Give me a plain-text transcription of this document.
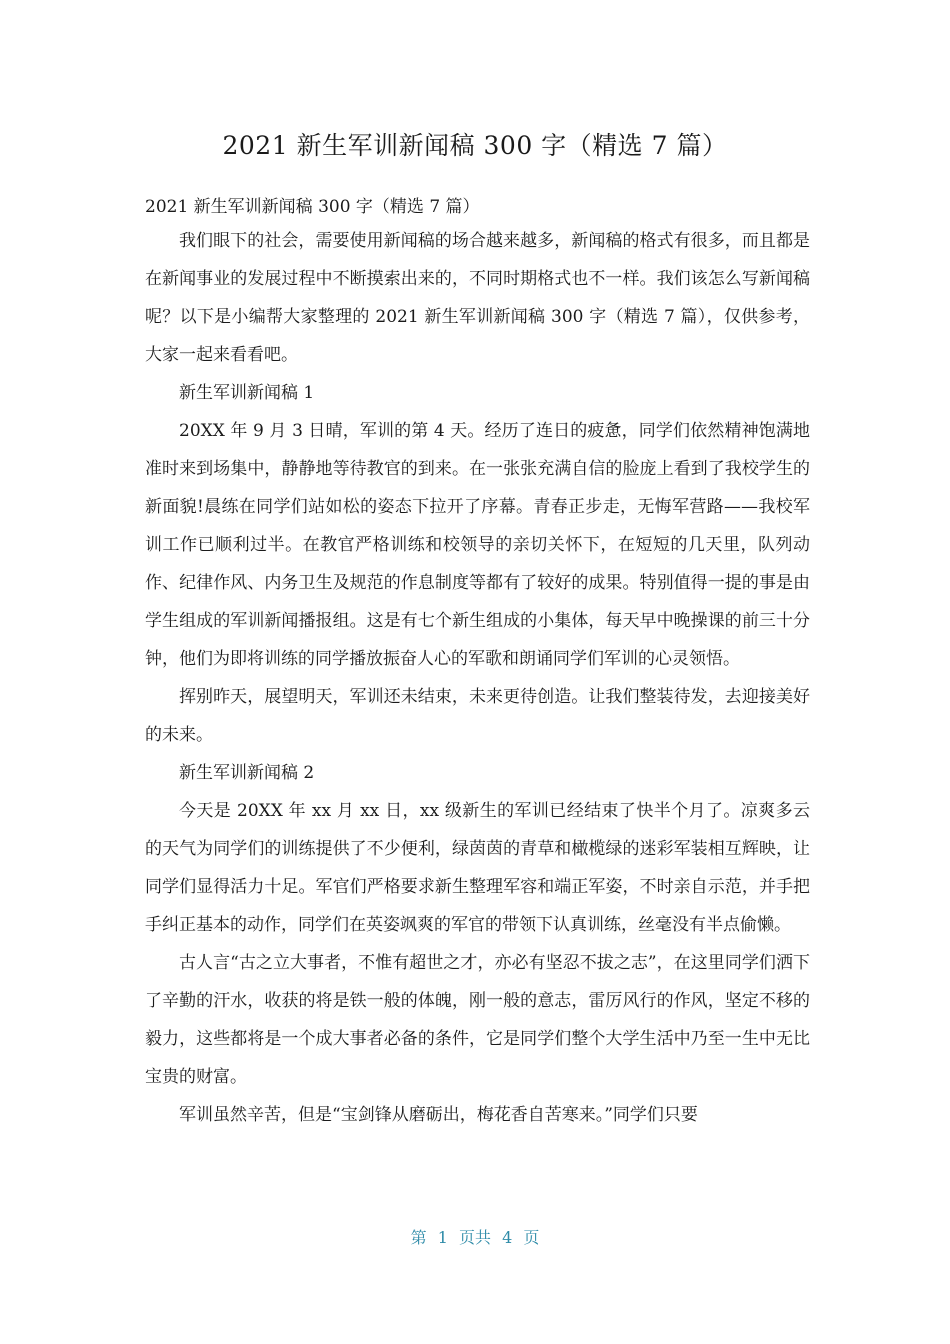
2021 新生军训新闻稿 300 字（精选 7 篇）

2021 新生军训新闻稿 300 字（精选 7 篇）

我们眼下的社会，需要使用新闻稿的场合越来越多，新闻稿的格式有很多，而且都是在新闻事业的发展过程中不断摸索出来的，不同时期格式也不一样。我们该怎么写新闻稿呢？以下是小编帮大家整理的 2021 新生军训新闻稿 300 字（精选 7 篇），仅供参考，大家一起来看看吧。

新生军训新闻稿 1

20XX 年 9 月 3 日晴，军训的第 4 天。经历了连日的疲惫，同学们依然精神饱满地准时来到场集中，静静地等待教官的到来。在一张张充满自信的脸庞上看到了我校学生的新面貌!晨练在同学们站如松的姿态下拉开了序幕。青春正步走，无悔军营路——我校军训工作已顺利过半。在教官严格训练和校领导的亲切关怀下，在短短的几天里，队列动作、纪律作风、内务卫生及规范的作息制度等都有了较好的成果。特别值得一提的事是由学生组成的军训新闻播报组。这是有七个新生组成的小集体，每天早中晚操课的前三十分钟，他们为即将训练的同学播放振奋人心的军歌和朗诵同学们军训的心灵领悟。

挥别昨天，展望明天，军训还未结束，未来更待创造。让我们整装待发，去迎接美好的未来。

新生军训新闻稿 2

今天是 20XX 年 xx 月 xx 日，xx 级新生的军训已经结束了快半个月了。凉爽多云的天气为同学们的训练提供了不少便利，绿茵茵的青草和橄榄绿的迷彩军装相互辉映，让同学们显得活力十足。军官们严格要求新生整理军容和端正军姿，不时亲自示范，并手把手纠正基本的动作，同学们在英姿飒爽的军官的带领下认真训练，丝毫没有半点偷懒。

古人言“古之立大事者，不惟有超世之才，亦必有坚忍不拔之志”，在这里同学们洒下了辛勤的汗水，收获的将是铁一般的体魄，刚一般的意志，雷厉风行的作风，坚定不移的毅力，这些都将是一个成大事者必备的条件，它是同学们整个大学生活中乃至一生中无比宝贵的财富。

军训虽然辛苦，但是“宝剑锋从磨砺出，梅花香自苦寒来。”同学们只要

第 1 页共 4 页
